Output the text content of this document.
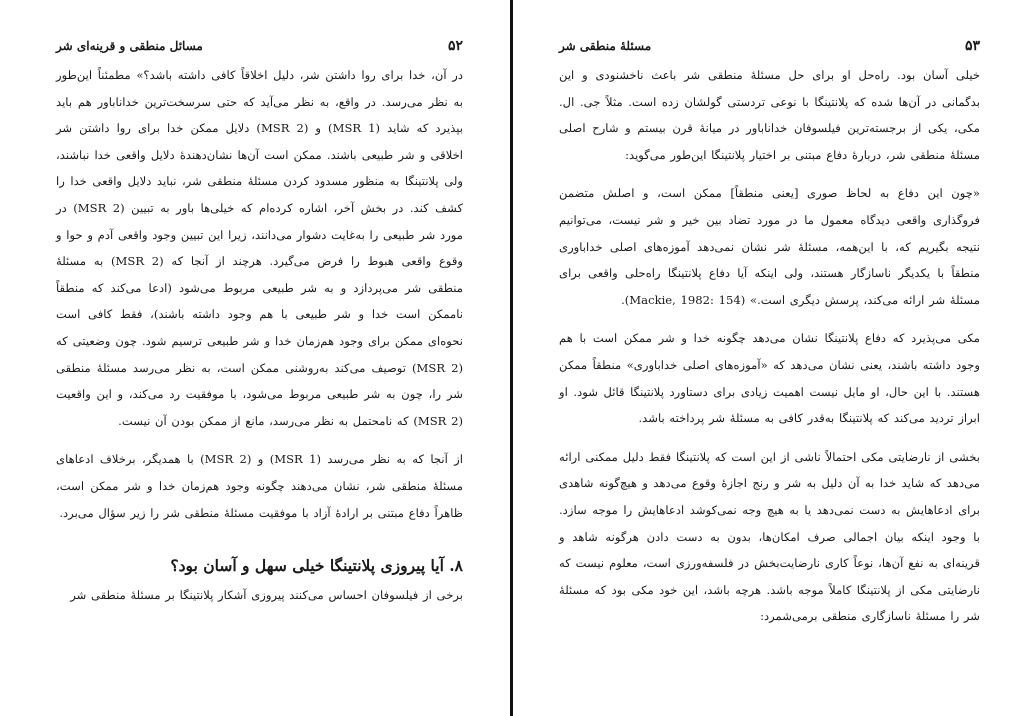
۵۲
مسائل منطقی و قرینه‌ای شر

در آن، خدا برای روا داشتن شر، دلیل اخلاقاً کافی داشته باشد؟» مطمئناً این‌طور به نظر می‌رسد. در واقع، به نظر می‌آید که حتی سرسخت‌ترین خداناباور هم باید بپذیرد که شاید (MSR 1) و (MSR 2) دلایل ممکن خدا برای روا داشتن شر اخلاقی و شر طبیعی باشند. ممکن است آن‌ها نشان‌دهندهٔ دلایل واقعی خدا نباشند، ولی پلانتینگا به منظور مسدود کردن مسئلهٔ منطقی شر، نباید دلایل واقعی خدا را کشف کند. در بخش آخر، اشاره کرده‌ام که خیلی‌ها باور به تبیین (MSR 2) در مورد شر طبیعی را به‌غایت دشوار می‌دانند، زیرا این تبیین وجود واقعی آدم و حوا و وقوع واقعی هبوط را فرض می‌گیرد. هرچند از آنجا که (MSR 2) به مسئلهٔ منطقی شر می‌پردازد و به شر طبیعی مربوط می‌شود (ادعا می‌کند که منطقاً ناممکن است خدا و شر طبیعی با هم وجود داشته باشند)، فقط کافی است نحوه‌ای ممکن برای وجود هم‌زمان خدا و شر طبیعی ترسیم شود. چون وضعیتی که (MSR 2) توصیف می‌کند به‌روشنی ممکن است، به نظر می‌رسد مسئلهٔ منطقی شر را، چون به شر طبیعی مربوط می‌شود، با موفقیت رد می‌کند، و این واقعیت (MSR 2) که نامحتمل به نظر می‌رسد، مانع از ممکن بودن آن نیست.

از آنجا که به نظر می‌رسد (MSR 1) و (MSR 2) با همدیگر، برخلاف ادعاهای مسئلهٔ منطقی شر، نشان می‌دهند چگونه وجود هم‌زمان خدا و شر ممکن است، ظاهراً دفاع مبتنی بر ارادهٔ آزاد با موفقیت مسئلهٔ منطقی شر را زیر سؤال می‌برد.

۸. آیا پیروزی پلانتینگا خیلی سهل و آسان بود؟

برخی از فیلسوفان احساس می‌کنند پیروزی آشکار پلانتینگا بر مسئلهٔ منطقی شر

۵۳
مسئلهٔ منطقی شر

خیلی آسان بود. راه‌حل او برای حل مسئلهٔ منطقی شر باعث ناخشنودی و این بدگمانی در آن‌ها شده که پلانتینگا با نوعی تردستی گولشان زده است. مثلاً جی. ال. مکی، یکی از برجسته‌ترین فیلسوفان خداناباور در میانهٔ قرن بیستم و شارح اصلی مسئلهٔ منطقی شر، دربارهٔ دفاع مبتنی بر اختیار پلانتینگا این‌طور می‌گوید:

«چون این دفاع به لحاظ صوری [یعنی منطقاً] ممکن است، و اصلش متضمن فروگذاری واقعی دیدگاه معمول ما در مورد تضاد بین خیر و شر نیست، می‌توانیم نتیجه بگیریم که، با این‌همه، مسئلهٔ شر نشان نمی‌دهد آموزه‌های اصلی خداباوری منطقاً با یکدیگر ناسازگار هستند، ولی اینکه آیا دفاع پلانتینگا راه‌حلی واقعی برای مسئلهٔ شر ارائه می‌کند، پرسش دیگری است.» (Mackie, 1982: 154).

مکی می‌پذیرد که دفاع پلانتینگا نشان می‌دهد چگونه خدا و شر ممکن است با هم وجود داشته باشند، یعنی نشان می‌دهد که «آموزه‌های اصلی خداباوری» منطقاً ممکن هستند. با این حال، او مایل نیست اهمیت زیادی برای دستاورد پلانتینگا قائل شود. او ابراز تردید می‌کند که پلانتینگا به‌قدر کافی به مسئلهٔ شر پرداخته باشد.

بخشی از نارضایتی مکی احتمالاً ناشی از این است که پلانتینگا فقط دلیل ممکنی ارائه می‌دهد که شاید خدا به آن دلیل به شر و رنج اجازهٔ وقوع می‌دهد و هیچ‌گونه شاهدی برای ادعاهایش به دست نمی‌دهد یا به هیچ وجه نمی‌کوشد ادعاهایش را موجه سازد. با وجود اینکه بیان اجمالی صرف امکان‌ها، بدون به دست دادن هرگونه شاهد و قرینه‌ای به نفع آن‌ها، نوعاً کاری نارضایت‌بخش در فلسفه‌ورزی است، معلوم نیست که نارضایتی مکی از پلانتینگا کاملاً موجه باشد. هرچه باشد، این خود مکی بود که مسئلهٔ شر را مسئلهٔ ناسازگاری منطقی برمی‌شمرد:
